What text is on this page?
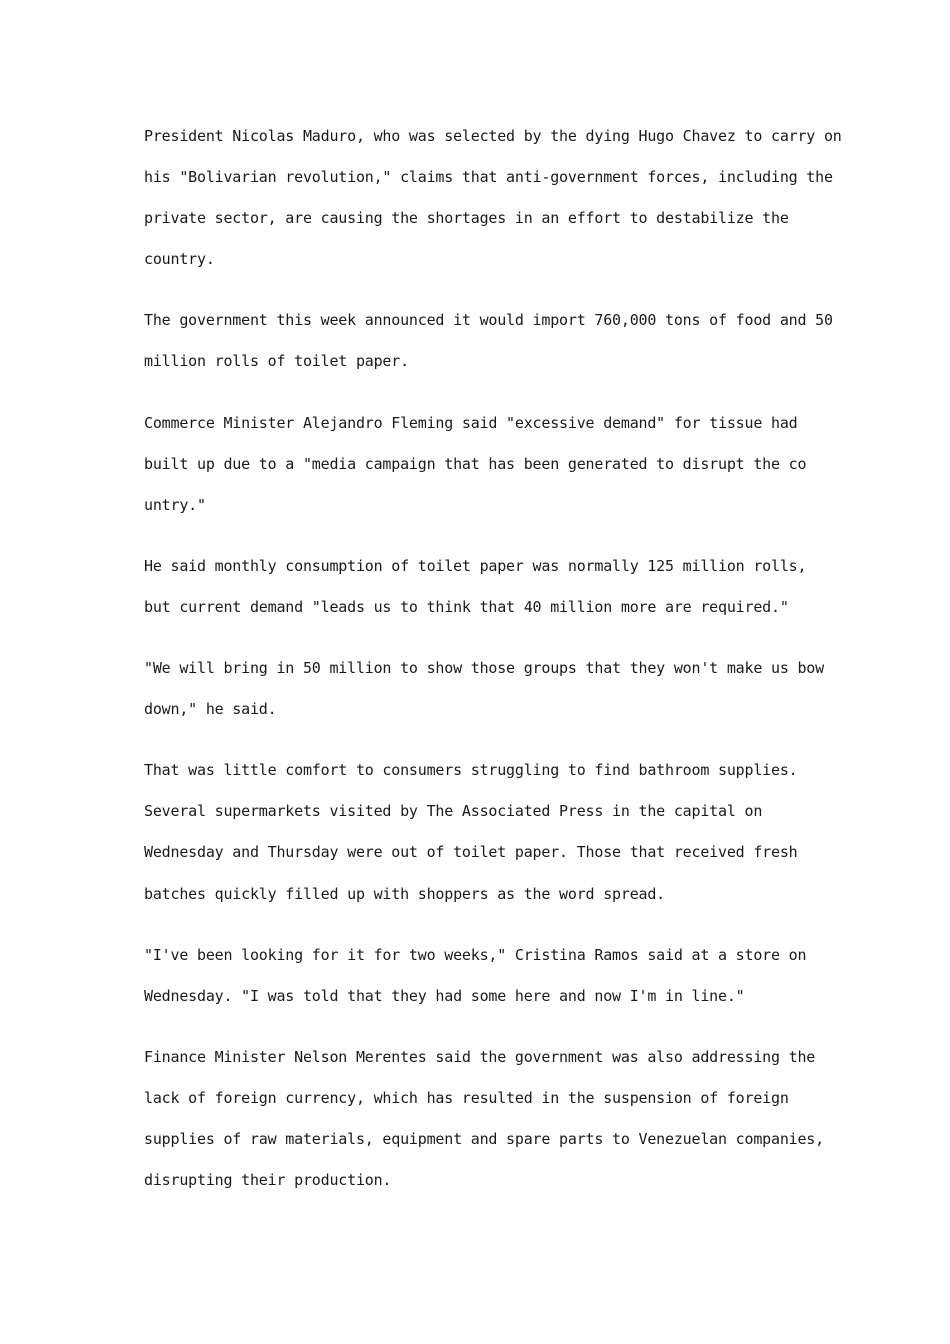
President Nicolas Maduro, who was selected by the dying Hugo Chavez to carry on
his "Bolivarian revolution," claims that anti-government forces, including the
private sector, are causing the shortages in an effort to destabilize the
country.
The government this week announced it would import 760,000 tons of food and 50
million rolls of toilet paper.
Commerce Minister Alejandro Fleming said "excessive demand" for tissue had
built up due to a "media campaign that has been generated to disrupt the co
untry."
He said monthly consumption of toilet paper was normally 125 million rolls,
but current demand "leads us to think that 40 million more are required."
"We will bring in 50 million to show those groups that they won't make us bow
down," he said.
That was little comfort to consumers struggling to find bathroom supplies.
Several supermarkets visited by The Associated Press in the capital on
Wednesday and Thursday were out of toilet paper. Those that received fresh
batches quickly filled up with shoppers as the word spread.
"I've been looking for it for two weeks," Cristina Ramos said at a store on
Wednesday. "I was told that they had some here and now I'm in line."
Finance Minister Nelson Merentes said the government was also addressing the
lack of foreign currency, which has resulted in the suspension of foreign
supplies of raw materials, equipment and spare parts to Venezuelan companies,
disrupting their production.
